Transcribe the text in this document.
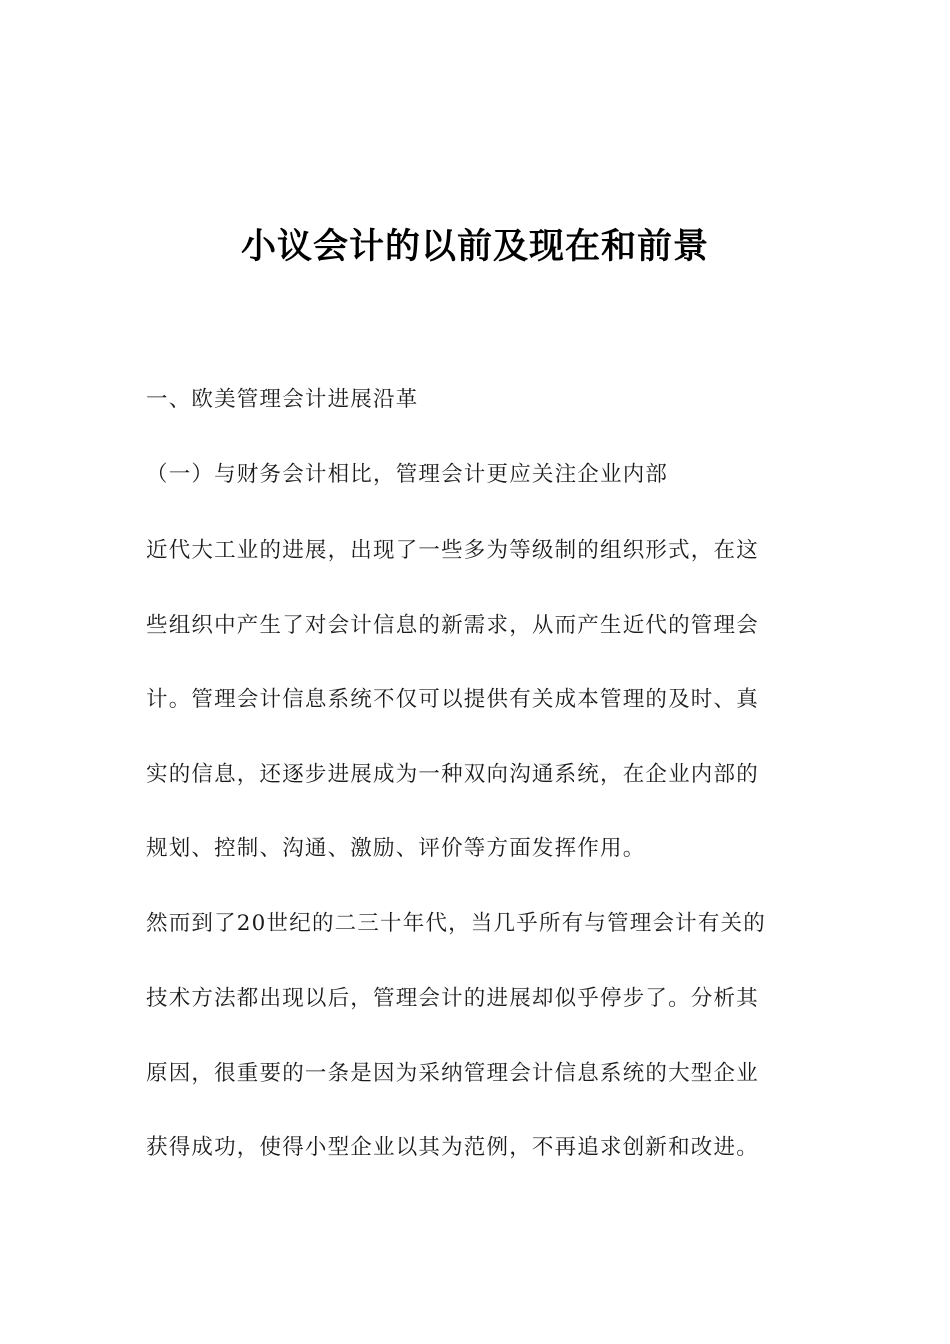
小议会计的以前及现在和前景
一、欧美管理会计进展沿革
（一）与财务会计相比，管理会计更应关注企业内部
近代大工业的进展，出现了一些多为等级制的组织形式，在这
些组织中产生了对会计信息的新需求，从而产生近代的管理会
计。管理会计信息系统不仅可以提供有关成本管理的及时、真
实的信息，还逐步进展成为一种双向沟通系统，在企业内部的
规划、控制、沟通、激励、评价等方面发挥作用。
然而到了20世纪的二三十年代，当几乎所有与管理会计有关的
技术方法都出现以后，管理会计的进展却似乎停步了。分析其
原因，很重要的一条是因为采纳管理会计信息系统的大型企业
获得成功，使得小型企业以其为范例，不再追求创新和改进。
